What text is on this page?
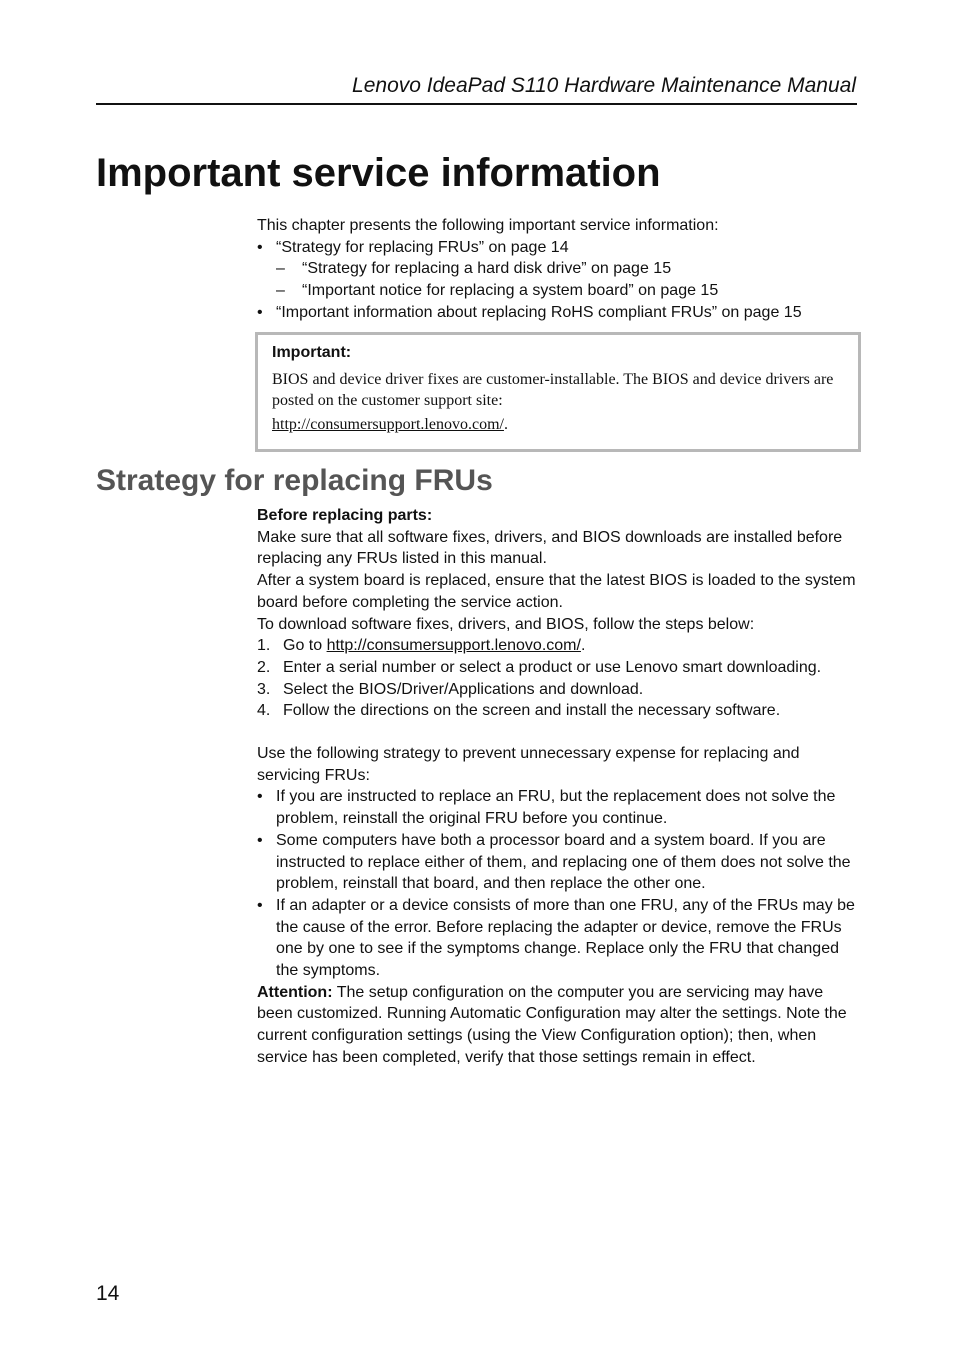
Lenovo IdeaPad S110 Hardware Maintenance Manual
Important service information
This chapter presents the following important service information:
• “Strategy for replacing FRUs” on page 14
–	“Strategy for replacing a hard disk drive” on page 15
–	“Important notice for replacing a system board” on page 15
• “Important information about replacing RoHS compliant FRUs” on page 15
Important:
BIOS and device driver fixes are customer-installable. The BIOS and device drivers are posted on the customer support site:
http://consumersupport.lenovo.com/.
Strategy for replacing FRUs
Before replacing parts:
Make sure that all software fixes, drivers, and BIOS downloads are installed before replacing any FRUs listed in this manual.
After a system board is replaced, ensure that the latest BIOS is loaded to the system board before completing the service action.
To download software fixes, drivers, and BIOS, follow the steps below:
1. Go to http://consumersupport.lenovo.com/.
2. Enter a serial number or select a product or use Lenovo smart downloading.
3. Select the BIOS/Driver/Applications and download.
4. Follow the directions on the screen and install the necessary software.
Use the following strategy to prevent unnecessary expense for replacing and servicing FRUs:
• If you are instructed to replace an FRU, but the replacement does not solve the problem, reinstall the original FRU before you continue.
• Some computers have both a processor board and a system board. If you are instructed to replace either of them, and replacing one of them does not solve the problem, reinstall that board, and then replace the other one.
• If an adapter or a device consists of more than one FRU, any of the FRUs may be the cause of the error. Before replacing the adapter or device, remove the FRUs one by one to see if the symptoms change. Replace only the FRU that changed the symptoms.
Attention: The setup configuration on the computer you are servicing may have been customized. Running Automatic Configuration may alter the settings. Note the current configuration settings (using the View Configuration option); then, when service has been completed, verify that those settings remain in effect.
14
